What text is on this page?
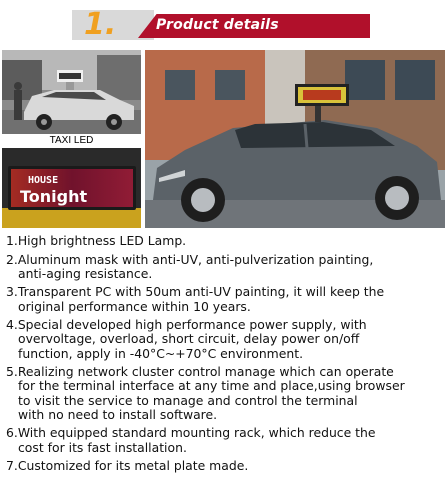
1.	Product details
TAXI LED
HOUSE
Tonight
1.High brightness LED Lamp.
2.Aluminum mask with anti-UV, anti-pulverization painting,
anti-aging resistance.
3.Transparent PC with 50um anti-UV painting, it will keep the
original performance within 10 years.
4.Special developed high performance power supply, with
overvoltage, overload, short circuit, delay power on/off
function, apply in -40°C~+70°C environment.
5.Realizing network cluster control manage which can operate
for the terminal interface at any time and place,using browser
to visit the service to manage and control the terminal
with no need to install software.
6.With equipped standard mounting rack, which reduce the
cost for its fast installation.
7.Customized for its metal plate made.
